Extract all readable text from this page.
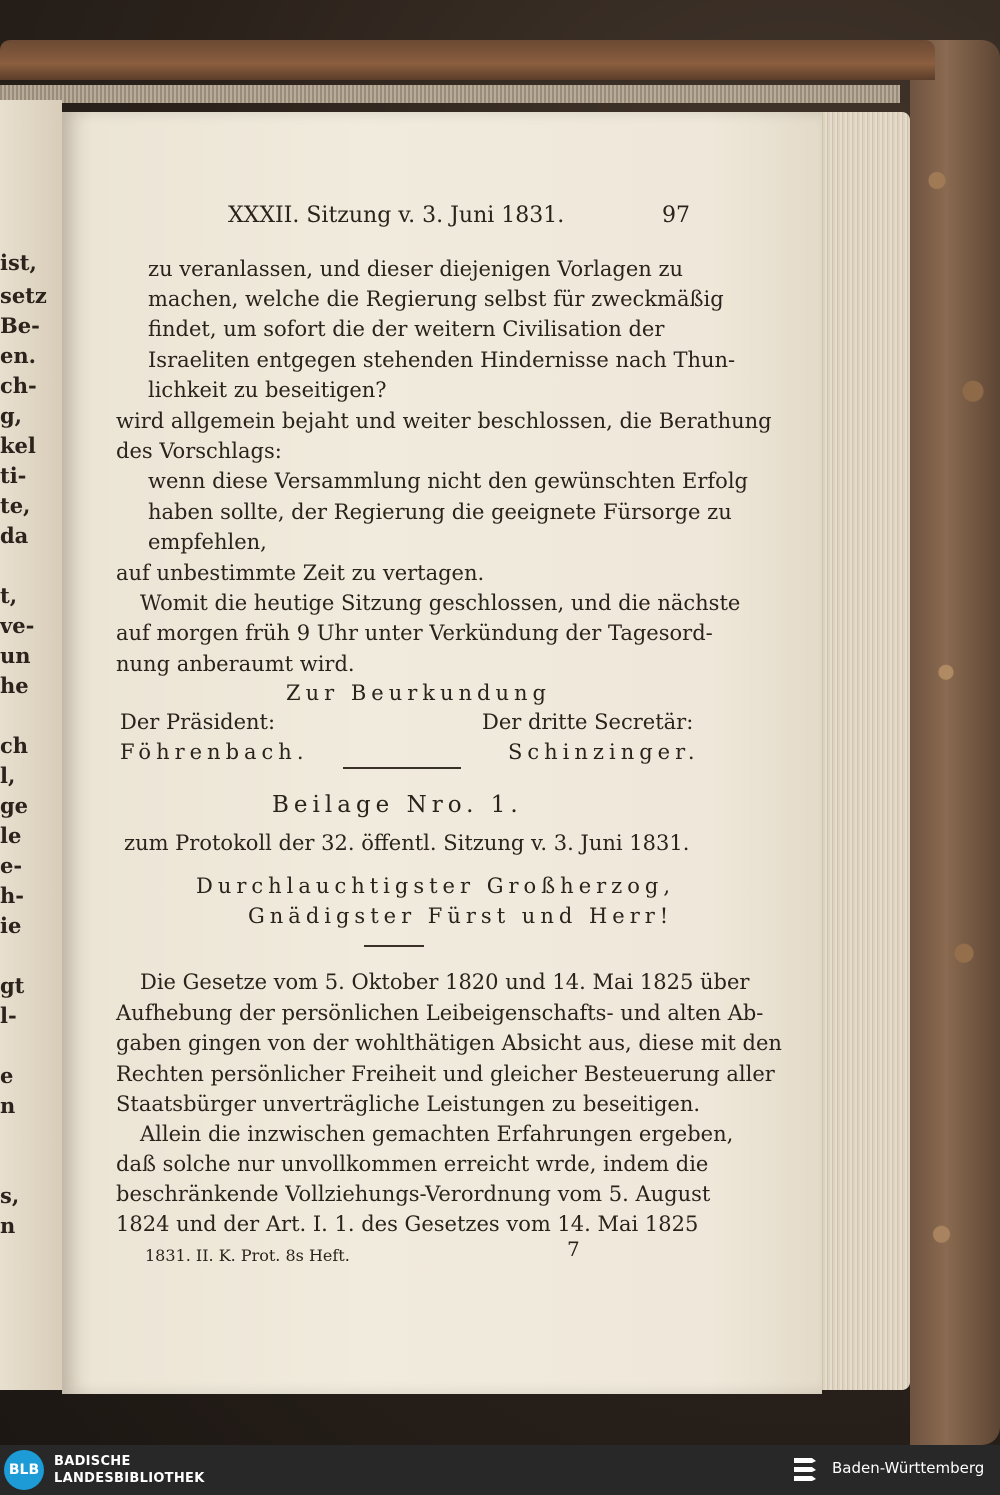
ist,
setz
Be-
en.
ch-
g,
kel
ti-
te,
da
t,
ve-
un
he
ch
l,
ge
le
e-
h-
ie
gt
l-
e
n
s,
n
XXXII. Sitzung v. 3. Juni 1831.	97
zu veranlassen, und dieser diejenigen Vorlagen zu
machen, welche die Regierung selbst für zweckmäßig
findet, um sofort die der weitern Civilisation der
Israeliten entgegen stehenden Hindernisse nach Thun-
lichkeit zu beseitigen?
wird allgemein bejaht und weiter beschlossen, die Berathung
des Vorschlags:
wenn diese Versammlung nicht den gewünschten Erfolg
haben sollte, der Regierung die geeignete Fürsorge zu
empfehlen,
auf unbestimmte Zeit zu vertagen.
Womit die heutige Sitzung geschlossen, und die nächste
auf morgen früh 9 Uhr unter Verkündung der Tagesord-
nung anberaumt wird.
Zur Beurkundung
Der Präsident:	Der dritte Secretär:
Föhrenbach.	Schinzinger.
Beilage Nro. 1.
zum Protokoll der 32. öffentl. Sitzung v. 3. Juni 1831.
Durchlauchtigster Großherzog,
Gnädigster Fürst und Herr!
Die Gesetze vom 5. Oktober 1820 und 14. Mai 1825 über
Aufhebung der persönlichen Leibeigenschafts- und alten Ab-
gaben gingen von der wohlthätigen Absicht aus, diese mit den
Rechten persönlicher Freiheit und gleicher Besteuerung aller
Staatsbürger unverträgliche Leistungen zu beseitigen.
Allein die inzwischen gemachten Erfahrungen ergeben,
daß solche nur unvollkommen erreicht wrde, indem die
beschränkende Vollziehungs-Verordnung vom 5. August
1824 und der Art. I. 1. des Gesetzes vom 14. Mai 1825
1831. II. K. Prot. 8s Heft.	7
BLB
BADISCHE
LANDESBIBLIOTHEK
Baden-Württemberg
